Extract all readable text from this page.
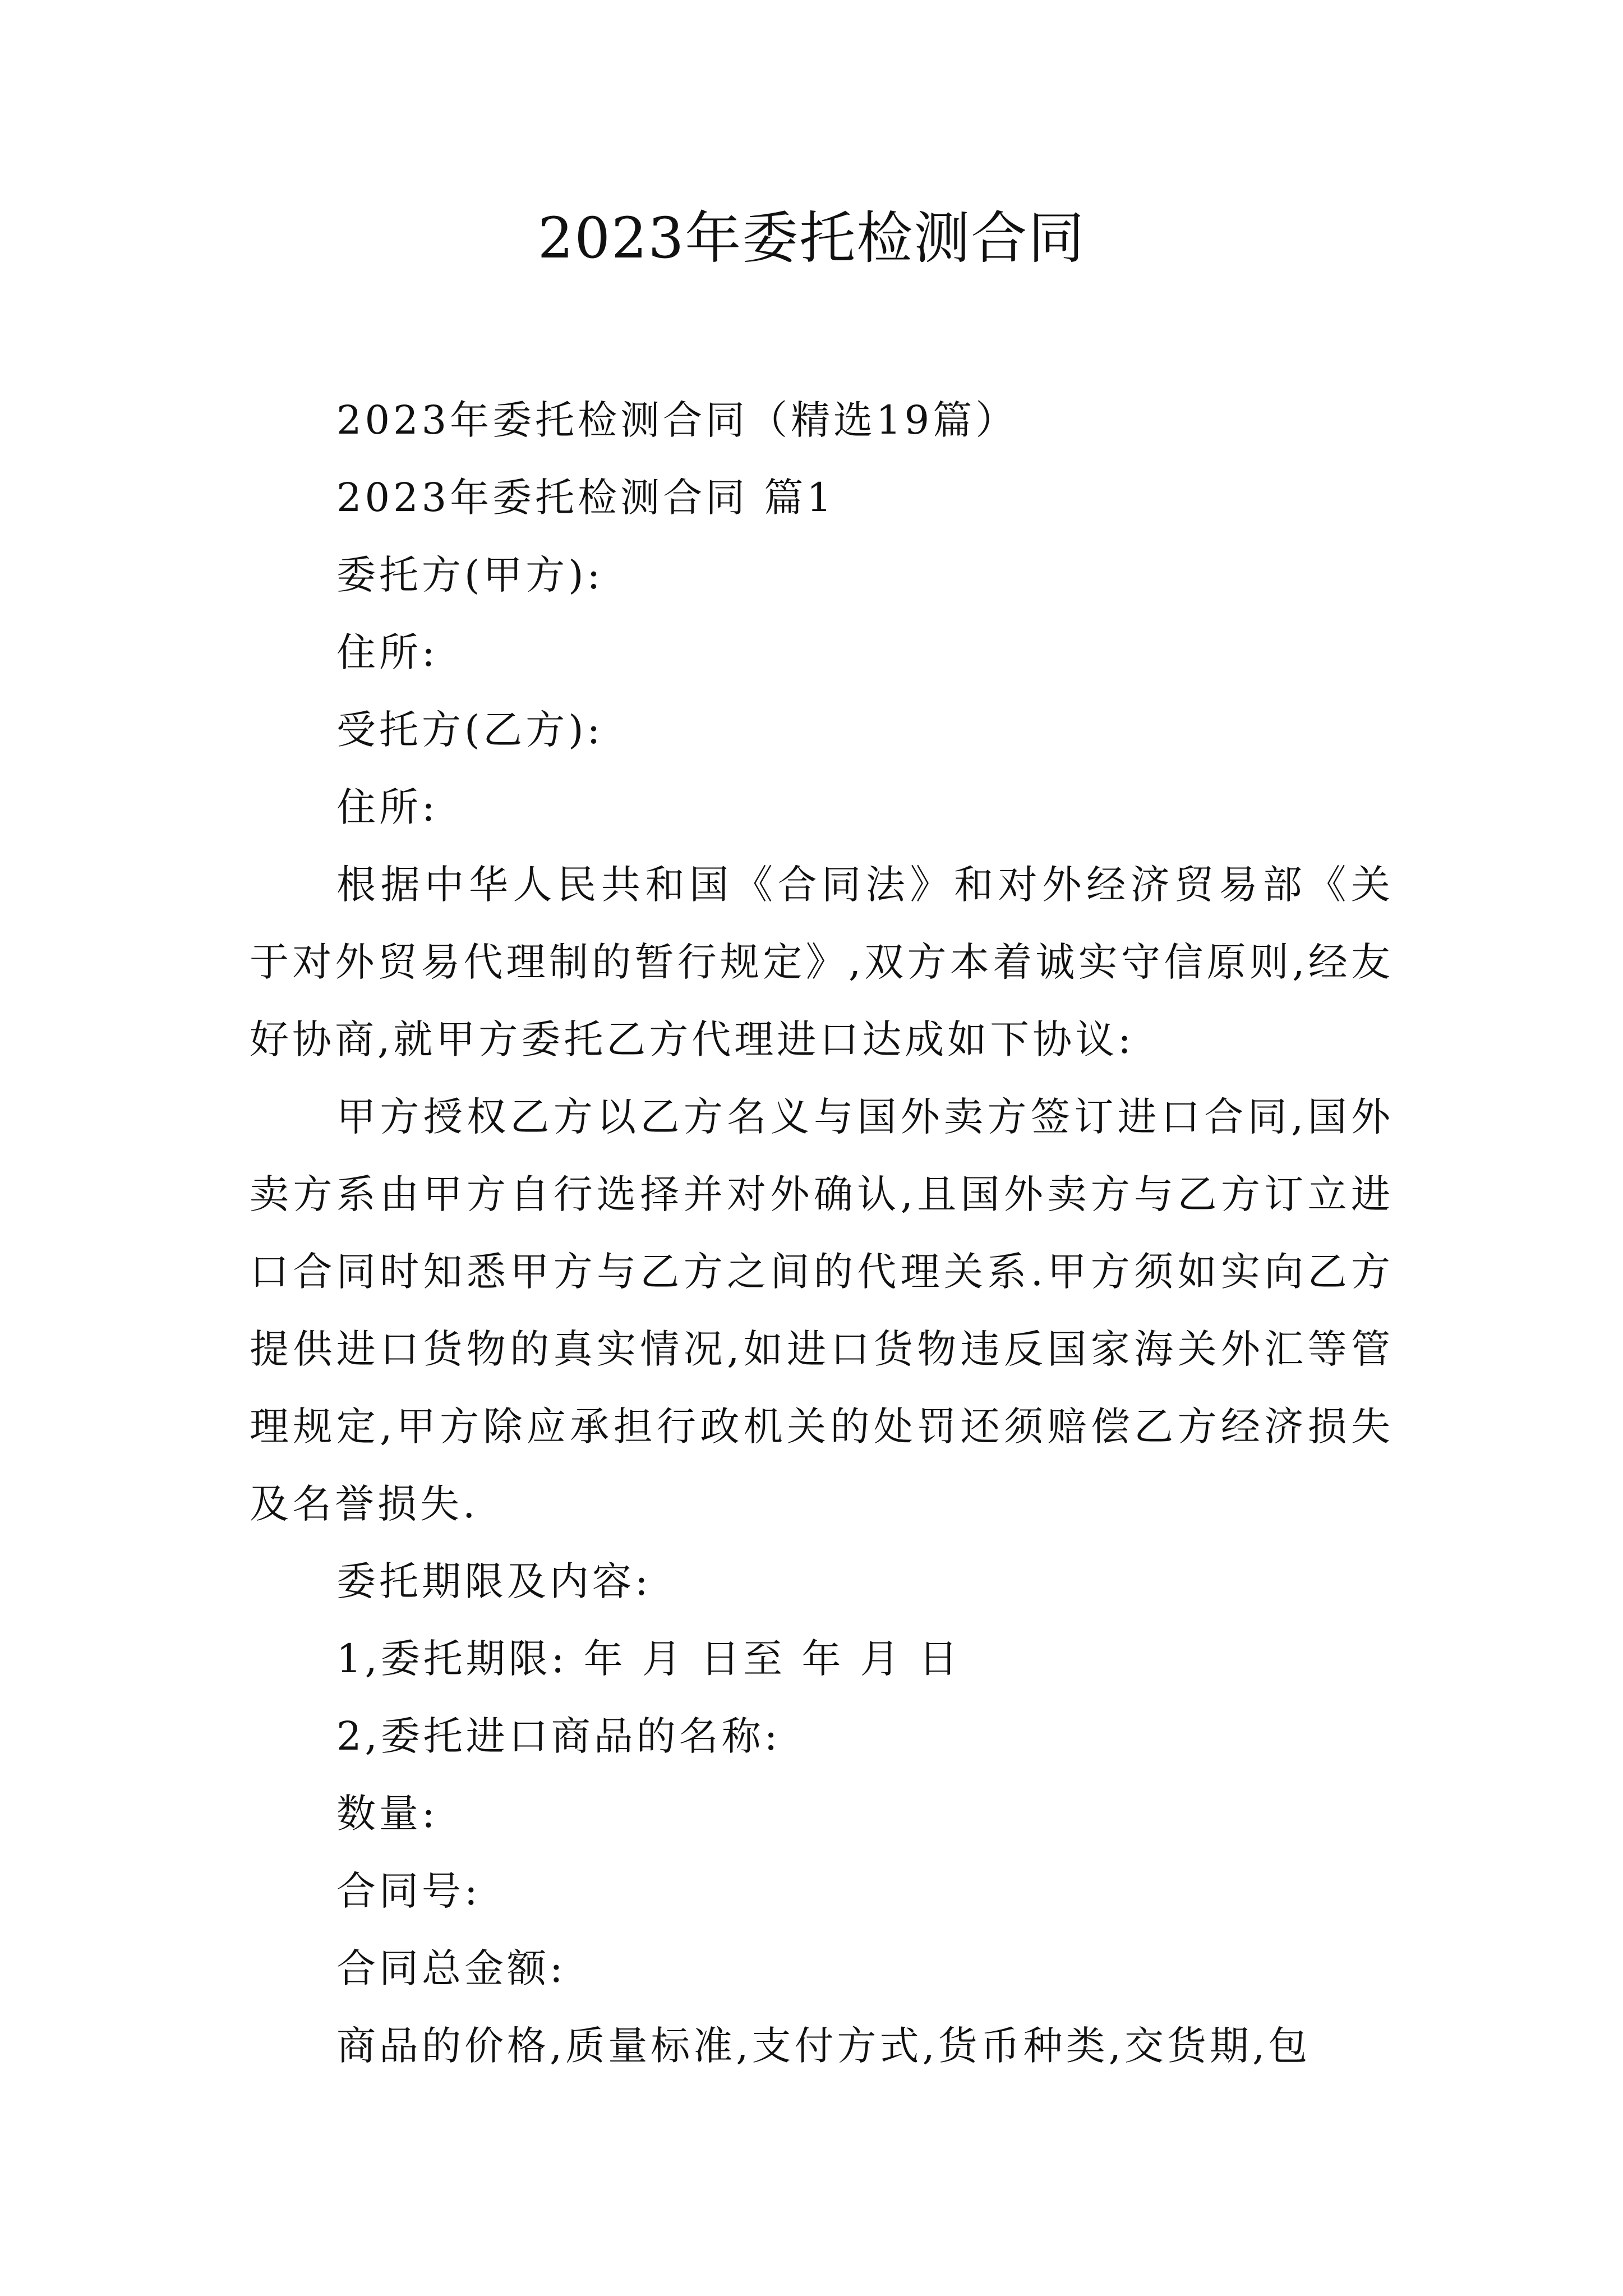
2023年委托检测合同

2023年委托检测合同（精选19篇）

2023年委托检测合同 篇1

委托方(甲方):

住所:

受托方(乙方):

住所:

根据中华人民共和国《合同法》和对外经济贸易部《关于对外贸易代理制的暂行规定》,双方本着诚实守信原则,经友好协商,就甲方委托乙方代理进口达成如下协议:

甲方授权乙方以乙方名义与国外卖方签订进口合同,国外卖方系由甲方自行选择并对外确认,且国外卖方与乙方订立进口合同时知悉甲方与乙方之间的代理关系.甲方须如实向乙方提供进口货物的真实情况,如进口货物违反国家海关外汇等管理规定,甲方除应承担行政机关的处罚还须赔偿乙方经济损失及名誉损失.

委托期限及内容:

1,委托期限: 年 月 日至 年 月 日

2,委托进口商品的名称:

数量:

合同号:

合同总金额:

商品的价格,质量标准,支付方式,货币种类,交货期,包
